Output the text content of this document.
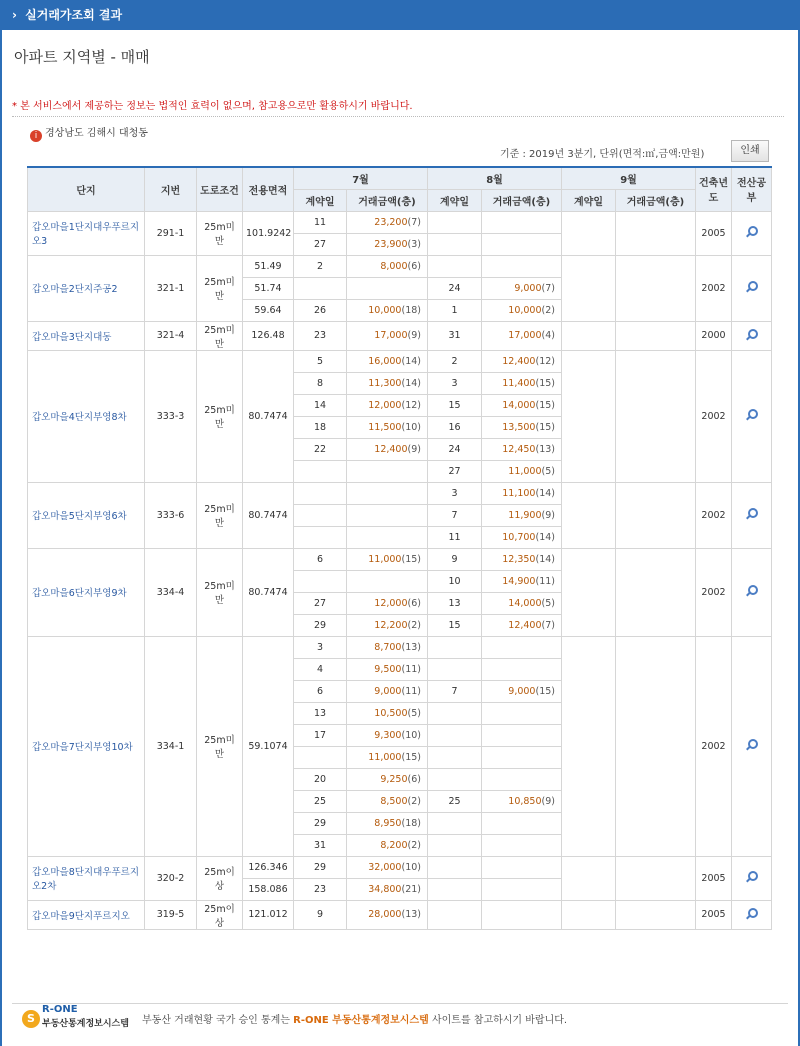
› 실거래가조회 결과
아파트 지역별 - 매매
* 본 서비스에서 제공하는 정보는 법적인 효력이 없으며, 참고용으로만 활용하시기 바랍니다.
i 경상남도 김해시 대청동
기준 : 2019년 3분기, 단위(면적:㎡,금액:만원)	인쇄
단지	지번	도로조건	전용면적	7월		8월		9월		건축년도	전산공부
				계약일	거래금액(층)	계약일	거래금액(층)	계약일	거래금액(층)		
갑오마을1단지대우푸르지오3	291-1	25m미만	101.9242	11	23,200(7)					2005	
				27	23,900(3)						
갑오마을2단지주공2	321-1	25m미만	51.49	2	8,000(6)					2002	
			51.74			24	9,000(7)				
			59.64	26	10,000(18)	1	10,000(2)				
갑오마을3단지대동	321-4	25m미만	126.48	23	17,000(9)	31	17,000(4)			2000	
갑오마을4단지부영8차	333-3	25m미만	80.7474	5	16,000(14)	2	12,400(12)			2002	
				8	11,300(14)	3	11,400(15)				
				14	12,000(12)	15	14,000(15)				
				18	11,500(10)	16	13,500(15)				
				22	12,400(9)	24	12,450(13)				
						27	11,000(5)				
갑오마을5단지부영6차	333-6	25m미만	80.7474			3	11,100(14)			2002	
						7	11,900(9)				
						11	10,700(14)				
갑오마을6단지부영9차	334-4	25m미만	80.7474	6	11,000(15)	9	12,350(14)			2002	
						10	14,900(11)				
				27	12,000(6)	13	14,000(5)				
				29	12,200(2)	15	12,400(7)				
갑오마을7단지부영10차	334-1	25m미만	59.1074	3	8,700(13)					2002	
				4	9,500(11)						
				6	9,000(11)	7	9,000(15)				
				13	10,500(5)						
				17	9,300(10)						
					11,000(15)						
				20	9,250(6)						
				25	8,500(2)	25	10,850(9)				
				29	8,950(18)						
				31	8,200(2)						
갑오마을8단지대우푸르지오2차	320-2	25m이상	126.346	29	32,000(10)					2005	
			158.086	23	34,800(21)						
갑오마을9단지푸르지오	319-5	25m이상	121.012	9	28,000(13)					2005	
S
R-ONE
부동산통계정보시스템 부동산 거래현황 국가 승인 통계는 R-ONE 부동산통계정보시스템 사이트를 참고하시기 바랍니다.
